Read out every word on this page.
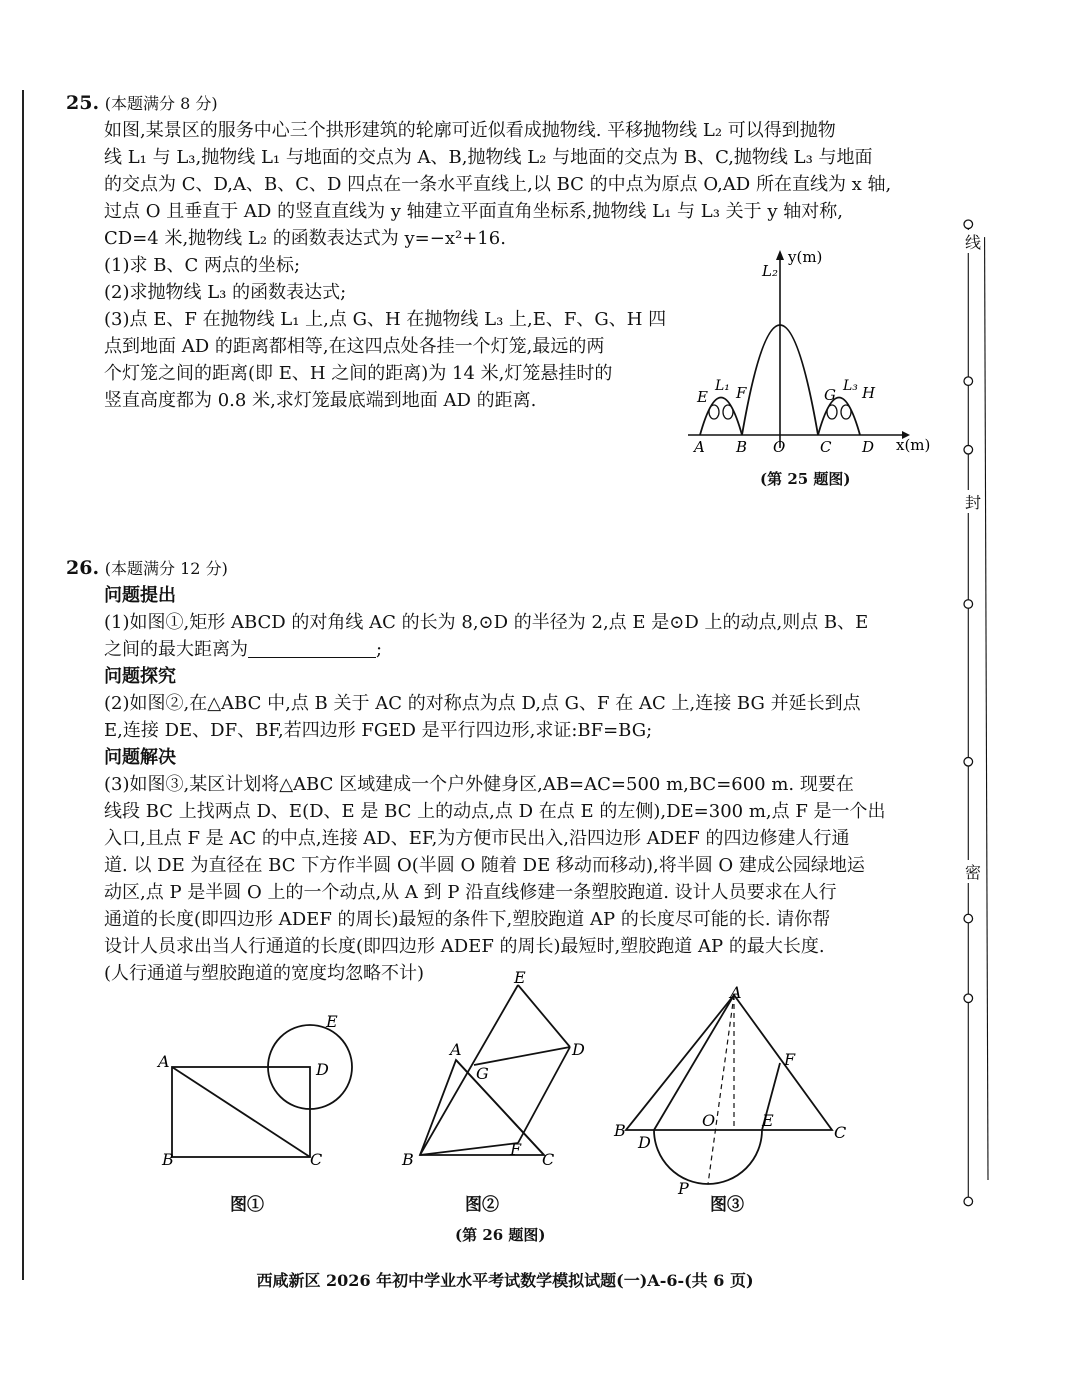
25. (本题满分 8 分)

如图,某景区的服务中心三个拱形建筑的轮廓可近似看成抛物线. 平移抛物线 L₂ 可以得到抛物

线 L₁ 与 L₃,抛物线 L₁ 与地面的交点为 A、B,抛物线 L₂ 与地面的交点为 B、C,抛物线 L₃ 与地面

的交点为 C、D,A、B、C、D 四点在一条水平直线上,以 BC 的中点为原点 O,AD 所在直线为 x 轴,

过点 O 且垂直于 AD 的竖直直线为 y 轴建立平面直角坐标系,抛物线 L₁ 与 L₃ 关于 y 轴对称,

CD=4 米,抛物线 L₂ 的函数表达式为 y=−x²+16.

(1)求 B、C 两点的坐标;

(2)求抛物线 L₃ 的函数表达式;

(3)点 E、F 在抛物线 L₁ 上,点 G、H 在抛物线 L₃ 上,E、F、G、H 四

点到地面 AD 的距离都相等,在这四点处各挂一个灯笼,最远的两

个灯笼之间的距离(即 E、H 之间的距离)为 14 米,灯笼悬挂时的

竖直高度都为 0.8 米,求灯笼最底端到地面 AD 的距离.

L₂
y(m)
x(m)
L₁	L₃
E F	G H
A B O C D
(第 25 题图)

26. (本题满分 12 分)

问题提出

(1)如图①,矩形 ABCD 的对角线 AC 的长为 8,⊙D 的半径为 2,点 E 是⊙D 上的动点,则点 B、E

之间的最大距离为	;

问题探究

(2)如图②,在△ABC 中,点 B 关于 AC 的对称点为点 D,点 G、F 在 AC 上,连接 BG 并延长到点

E,连接 DE、DF、BF,若四边形 FGED 是平行四边形,求证:BF=BG;

问题解决

(3)如图③,某区计划将△ABC 区域建成一个户外健身区,AB=AC=500 m,BC=600 m. 现要在

线段 BC 上找两点 D、E(D、E 是 BC 上的动点,点 D 在点 E 的左侧),DE=300 m,点 F 是一个出

入口,且点 F 是 AC 的中点,连接 AD、EF,为方便市民出入,沿四边形 ADEF 的四边修建人行通

道. 以 DE 为直径在 BC 下方作半圆 O(半圆 O 随着 DE 移动而移动),将半圆 O 建成公园绿地运

动区,点 P 是半圆 O 上的一个动点,从 A 到 P 沿直线修建一条塑胶跑道. 设计人员要求在人行

通道的长度(即四边形 ADEF 的周长)最短的条件下,塑胶跑道 AP 的长度尽可能的长. 请你帮

设计人员求出当人行通道的长度(即四边形 ADEF 的周长)最短时,塑胶跑道 AP 的最大长度.

(人行通道与塑胶跑道的宽度均忽略不计)

A
B	C
D
E
图①
A
B	C
D
E
F
G
图②
A
B	C
D
E
F
O
P
图③
(第 26 题图)
西咸新区 2026 年初中学业水平考试数学模拟试题(一)A-6-(共 6 页)
线
封
密
